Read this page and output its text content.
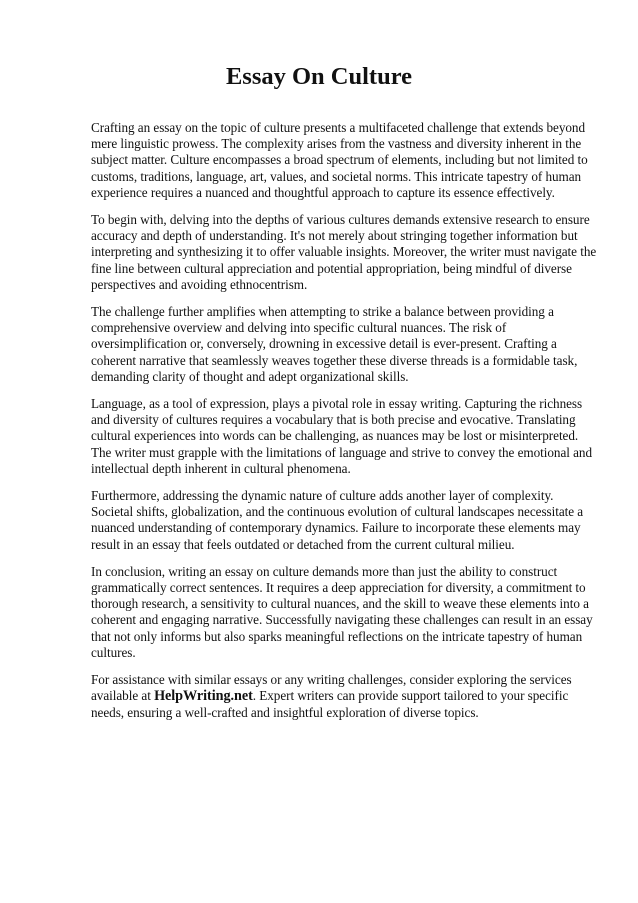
Essay On Culture

Crafting an essay on the topic of culture presents a multifaceted challenge that extends beyond mere linguistic prowess. The complexity arises from the vastness and diversity inherent in the subject matter. Culture encompasses a broad spectrum of elements, including but not limited to customs, traditions, language, art, values, and societal norms. This intricate tapestry of human experience requires a nuanced and thoughtful approach to capture its essence effectively.

To begin with, delving into the depths of various cultures demands extensive research to ensure accuracy and depth of understanding. It's not merely about stringing together information but interpreting and synthesizing it to offer valuable insights. Moreover, the writer must navigate the fine line between cultural appreciation and potential appropriation, being mindful of diverse perspectives and avoiding ethnocentrism.

The challenge further amplifies when attempting to strike a balance between providing a comprehensive overview and delving into specific cultural nuances. The risk of oversimplification or, conversely, drowning in excessive detail is ever-present. Crafting a coherent narrative that seamlessly weaves together these diverse threads is a formidable task, demanding clarity of thought and adept organizational skills.

Language, as a tool of expression, plays a pivotal role in essay writing. Capturing the richness and diversity of cultures requires a vocabulary that is both precise and evocative. Translating cultural experiences into words can be challenging, as nuances may be lost or misinterpreted. The writer must grapple with the limitations of language and strive to convey the emotional and intellectual depth inherent in cultural phenomena.

Furthermore, addressing the dynamic nature of culture adds another layer of complexity. Societal shifts, globalization, and the continuous evolution of cultural landscapes necessitate a nuanced understanding of contemporary dynamics. Failure to incorporate these elements may result in an essay that feels outdated or detached from the current cultural milieu.

In conclusion, writing an essay on culture demands more than just the ability to construct grammatically correct sentences. It requires a deep appreciation for diversity, a commitment to thorough research, a sensitivity to cultural nuances, and the skill to weave these elements into a coherent and engaging narrative. Successfully navigating these challenges can result in an essay that not only informs but also sparks meaningful reflections on the intricate tapestry of human cultures.

For assistance with similar essays or any writing challenges, consider exploring the services available at HelpWriting.net. Expert writers can provide support tailored to your specific needs, ensuring a well-crafted and insightful exploration of diverse topics.
